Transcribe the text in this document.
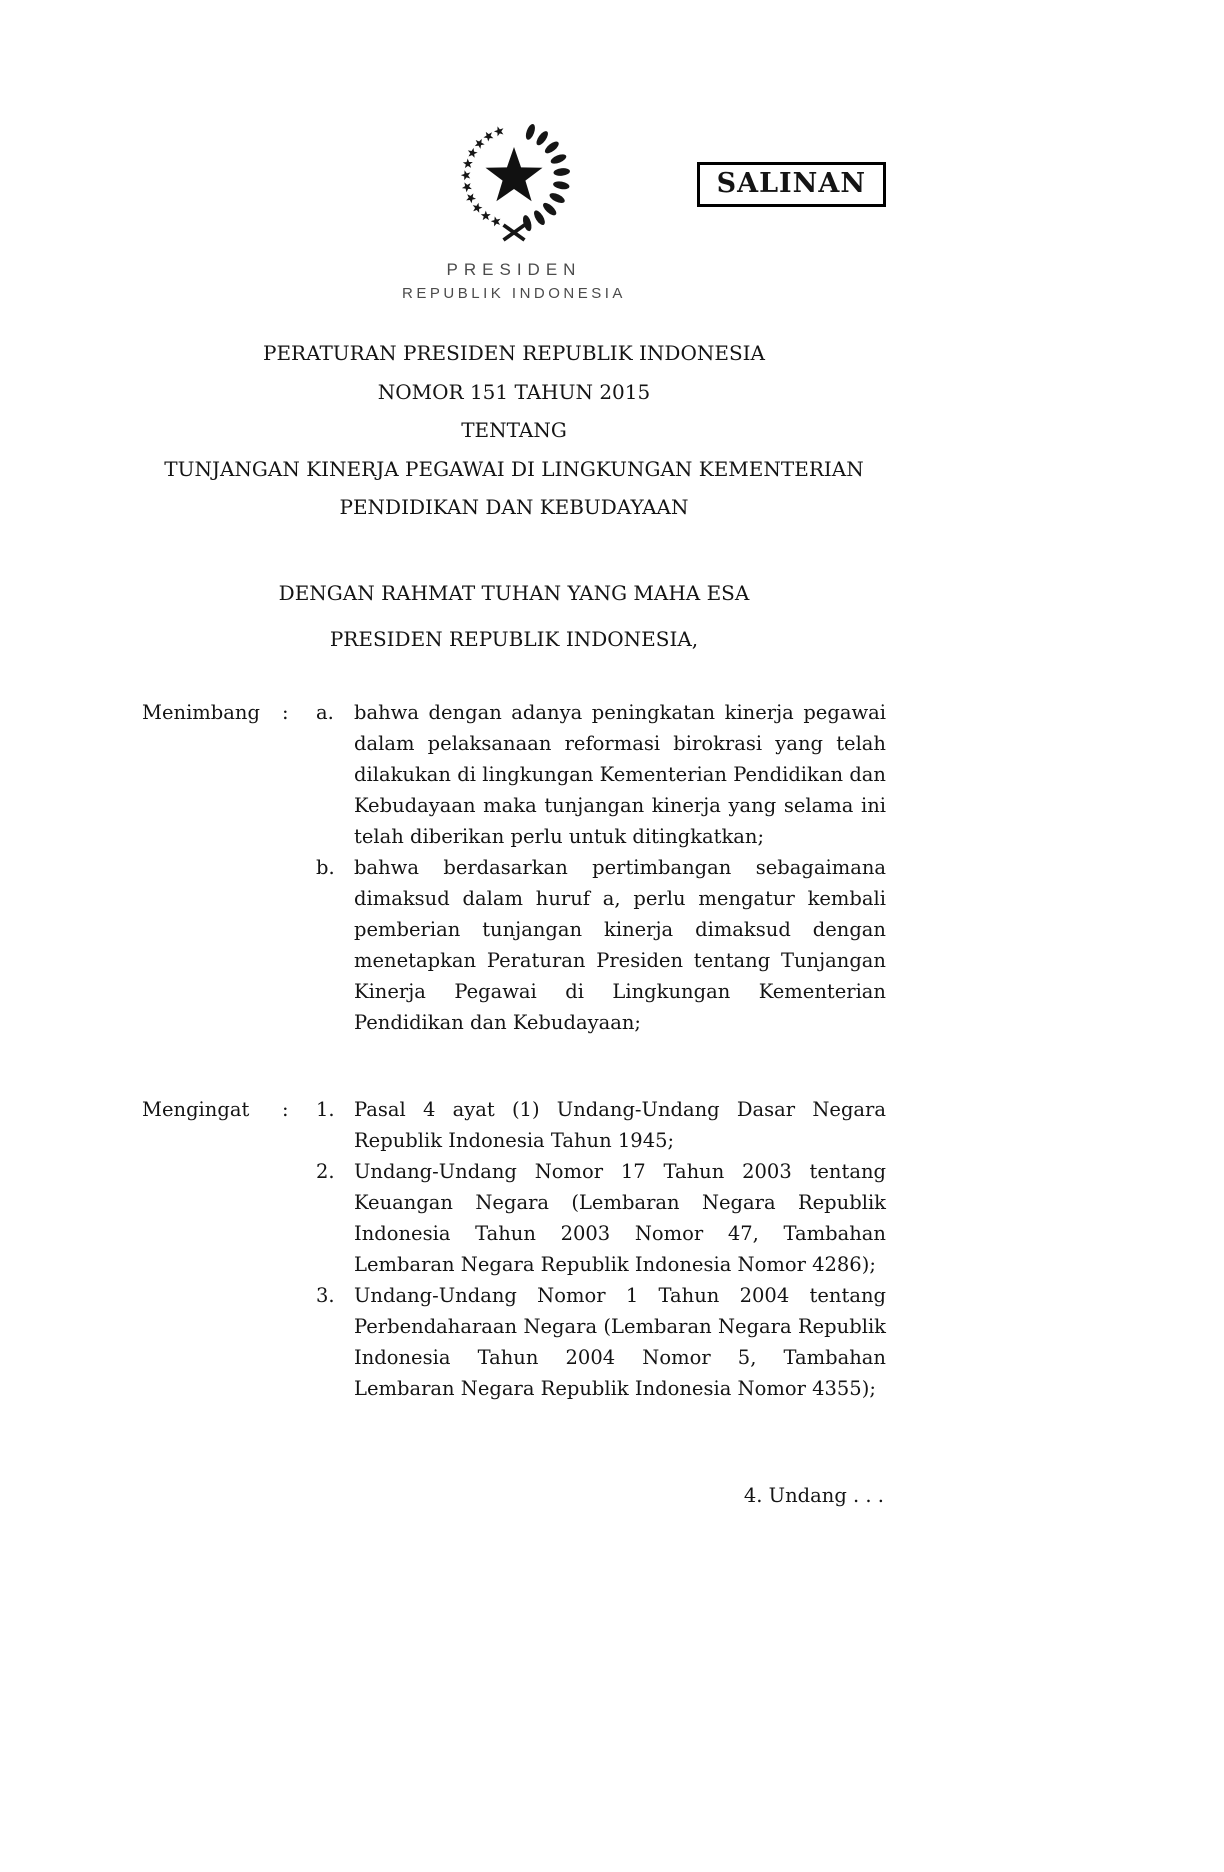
SALINAN
PRESIDEN
REPUBLIK INDONESIA
PERATURAN PRESIDEN REPUBLIK INDONESIA
NOMOR 151 TAHUN 2015
TENTANG
TUNJANGAN KINERJA PEGAWAI DI LINGKUNGAN KEMENTERIAN PENDIDIKAN DAN KEBUDAYAAN
DENGAN RAHMAT TUHAN YANG MAHA ESA
PRESIDEN REPUBLIK INDONESIA,
Menimbang	:	a.	bahwa dengan adanya peningkatan kinerja pegawai dalam pelaksanaan reformasi birokrasi yang telah dilakukan di lingkungan Kementerian Pendidikan dan Kebudayaan maka tunjangan kinerja yang selama ini telah diberikan perlu untuk ditingkatkan;
b. bahwa berdasarkan pertimbangan sebagaimana dimaksud dalam huruf a, perlu mengatur kembali pemberian tunjangan kinerja dimaksud dengan menetapkan Peraturan Presiden tentang Tunjangan Kinerja Pegawai di Lingkungan Kementerian Pendidikan dan Kebudayaan;
Mengingat	:	1. Pasal 4 ayat (1) Undang-Undang Dasar Negara Republik Indonesia Tahun 1945;
2. Undang-Undang Nomor 17 Tahun 2003 tentang Keuangan Negara (Lembaran Negara Republik Indonesia Tahun 2003 Nomor 47, Tambahan Lembaran Negara Republik Indonesia Nomor 4286);
3. Undang-Undang Nomor 1 Tahun 2004 tentang Perbendaharaan Negara (Lembaran Negara Republik Indonesia Tahun 2004 Nomor 5, Tambahan Lembaran Negara Republik Indonesia Nomor 4355);
4. Undang . . .
